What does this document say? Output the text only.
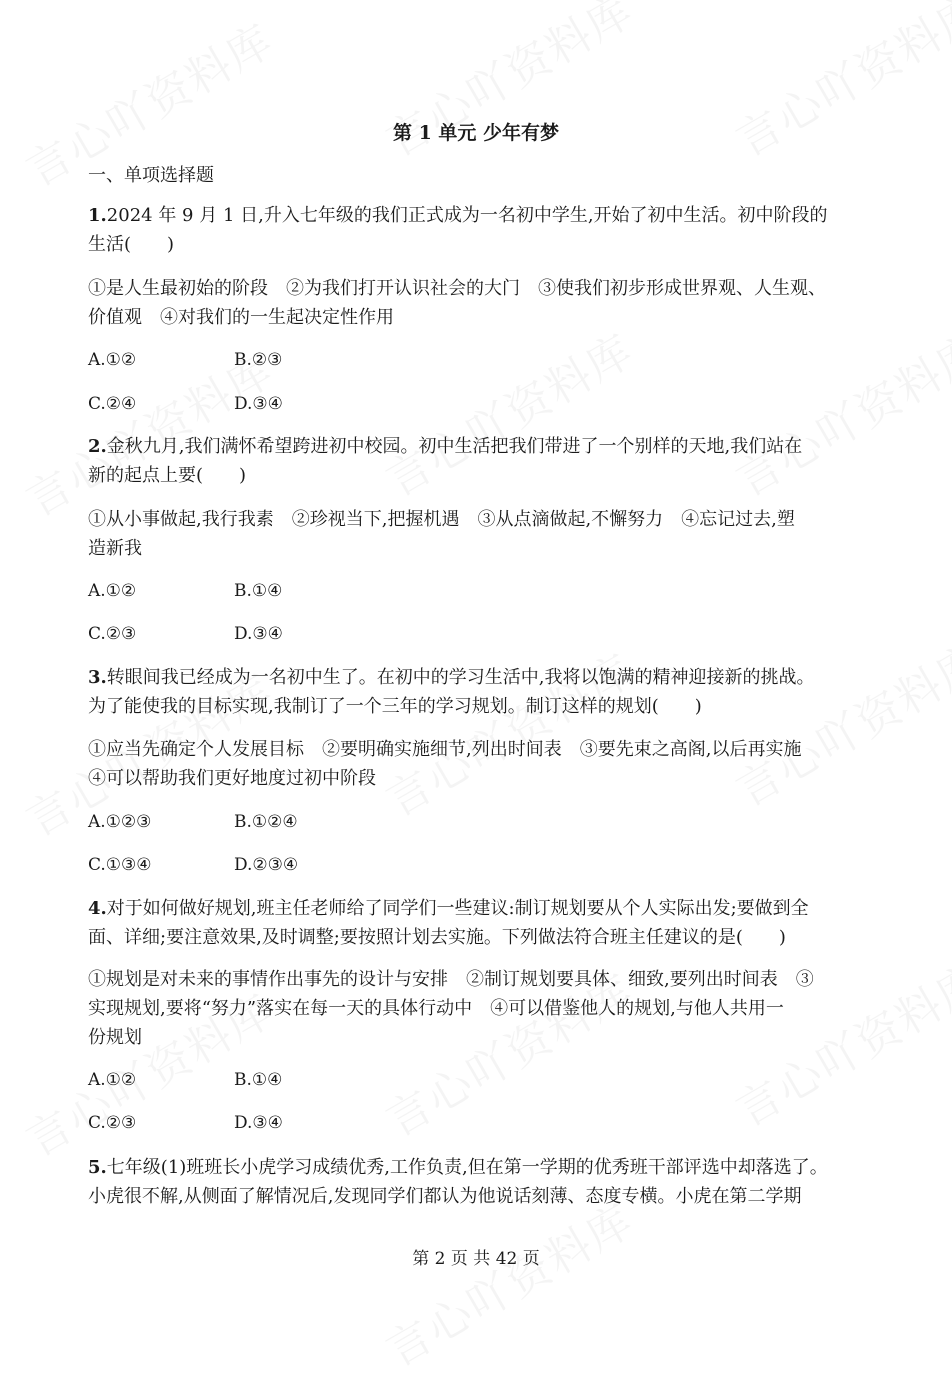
第 1 单元 少年有梦
一、单项选择题
1.2024 年 9 月 1 日,升入七年级的我们正式成为一名初中学生,开始了初中生活。初中阶段的
生活(　　)
①是人生最初始的阶段　②为我们打开认识社会的大门　③使我们初步形成世界观、人生观、
价值观　④对我们的一生起决定性作用
A.①②	B.②③
C.②④	D.③④
2.金秋九月,我们满怀希望跨进初中校园。初中生活把我们带进了一个别样的天地,我们站在
新的起点上要(　　)
①从小事做起,我行我素　②珍视当下,把握机遇　③从点滴做起,不懈努力　④忘记过去,塑
造新我
A.①②	B.①④
C.②③	D.③④
3.转眼间我已经成为一名初中生了。在初中的学习生活中,我将以饱满的精神迎接新的挑战。
为了能使我的目标实现,我制订了一个三年的学习规划。制订这样的规划(　　)
①应当先确定个人发展目标　②要明确实施细节,列出时间表　③要先束之高阁,以后再实施
④可以帮助我们更好地度过初中阶段
A.①②③	B.①②④
C.①③④	D.②③④
4.对于如何做好规划,班主任老师给了同学们一些建议:制订规划要从个人实际出发;要做到全
面、详细;要注意效果,及时调整;要按照计划去实施。下列做法符合班主任建议的是(　　)
①规划是对未来的事情作出事先的设计与安排　②制订规划要具体、细致,要列出时间表　③
实现规划,要将“努力”落实在每一天的具体行动中　④可以借鉴他人的规划,与他人共用一
份规划
A.①②	B.①④
C.②③	D.③④
5.七年级(1)班班长小虎学习成绩优秀,工作负责,但在第一学期的优秀班干部评选中却落选了。
小虎很不解,从侧面了解情况后,发现同学们都认为他说话刻薄、态度专横。小虎在第二学期
第 2 页 共 42 页
